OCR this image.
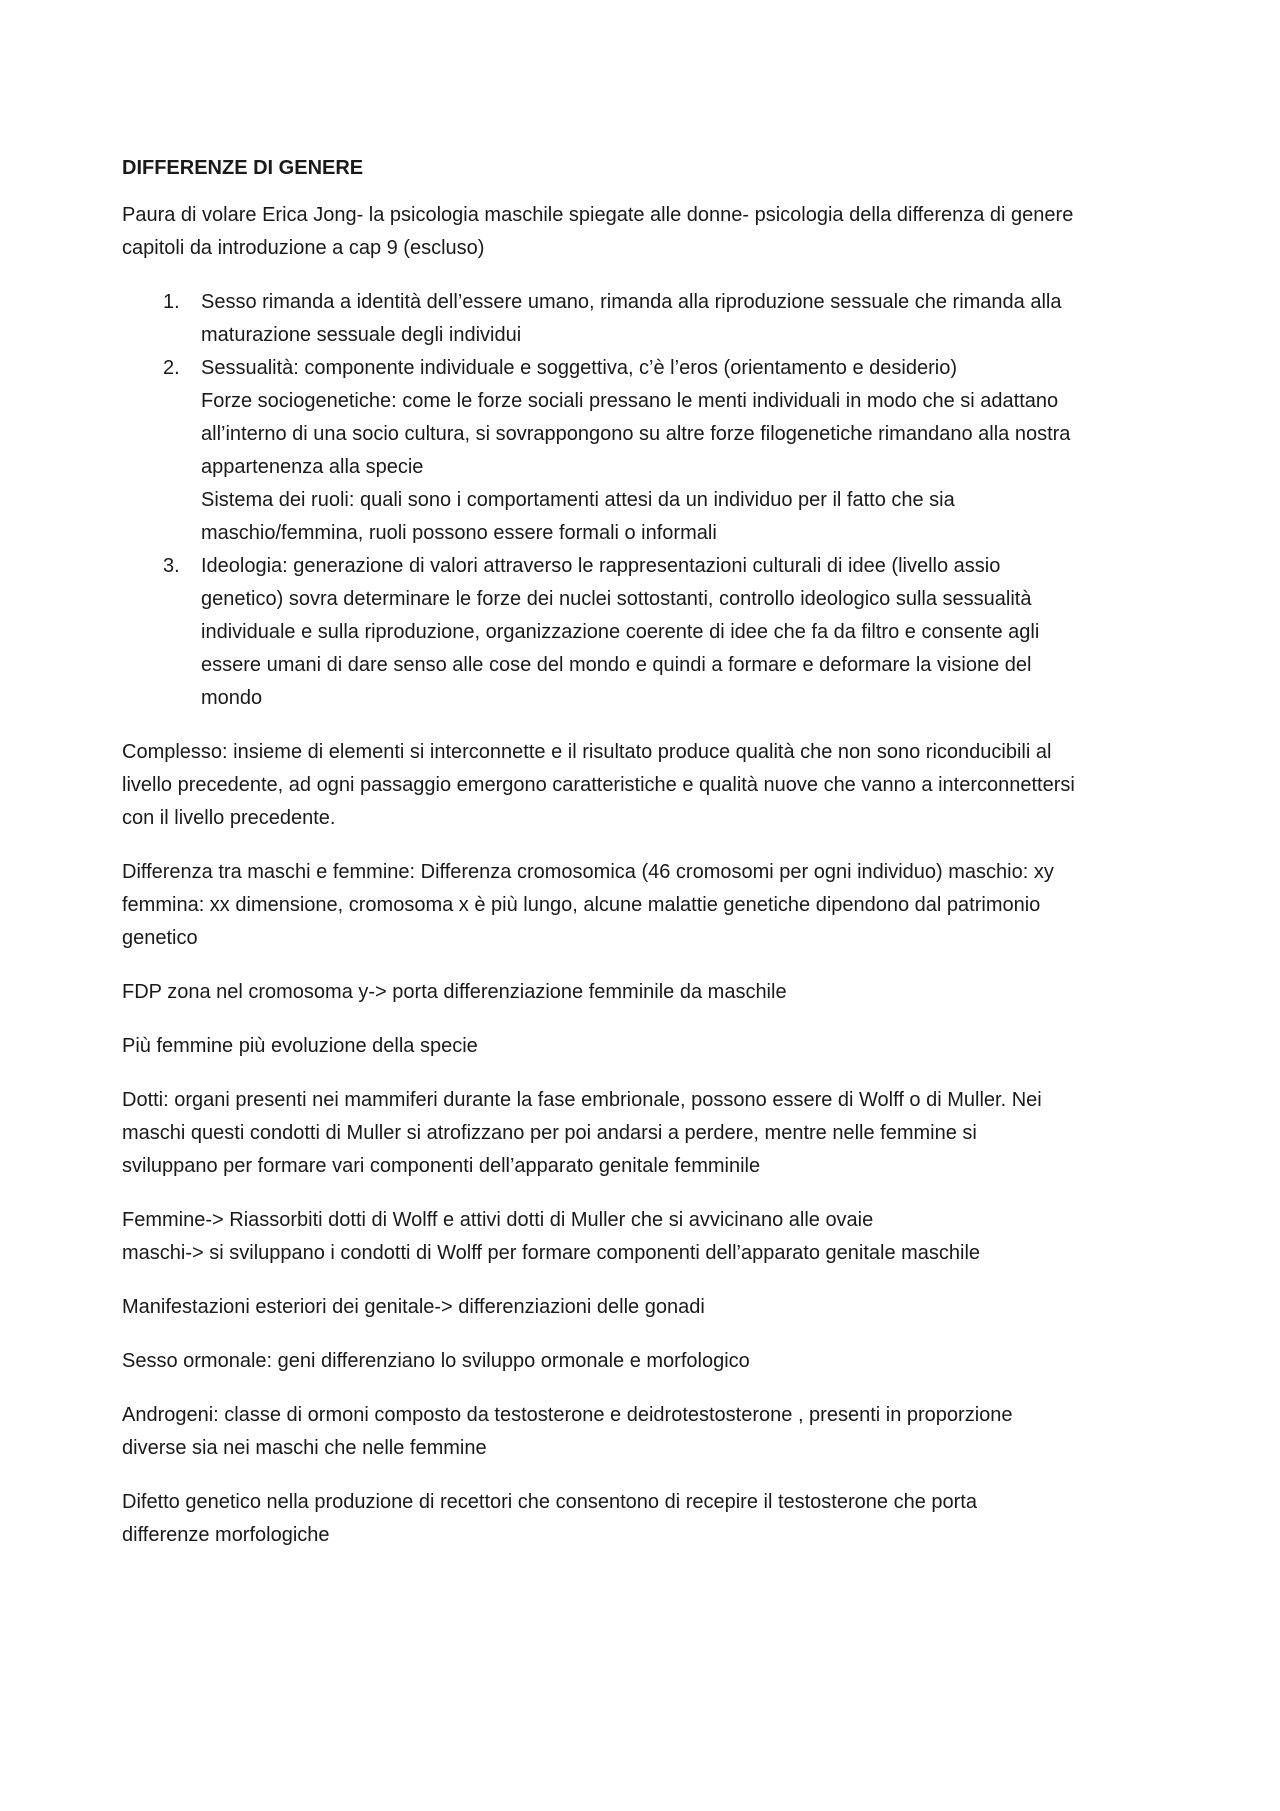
DIFFERENZE DI GENERE
Paura di volare Erica Jong- la psicologia maschile spiegate alle donne- psicologia della differenza di genere
capitoli da introduzione a cap 9 (escluso)
1. Sesso rimanda a identità dell’essere umano, rimanda alla riproduzione sessuale che rimanda alla
maturazione sessuale degli individui
2. Sessualità: componente individuale e soggettiva, c’è l’eros (orientamento e desiderio)
Forze sociogenetiche: come le forze sociali pressano le menti individuali in modo che si adattano
all’interno di una socio cultura, si sovrappongono su altre forze filogenetiche rimandano alla nostra
appartenenza alla specie
Sistema dei ruoli: quali sono i comportamenti attesi da un individuo per il fatto che sia
maschio/femmina, ruoli possono essere formali o informali
3. Ideologia: generazione di valori attraverso le rappresentazioni culturali di idee (livello assio
genetico) sovra determinare le forze dei nuclei sottostanti, controllo ideologico sulla sessualità
individuale e sulla riproduzione, organizzazione coerente di idee che fa da filtro e consente agli
essere umani di dare senso alle cose del mondo e quindi a formare e deformare la visione del
mondo
Complesso: insieme di elementi si interconnette e il risultato produce qualità che non sono riconducibili al
livello precedente, ad ogni passaggio emergono caratteristiche e qualità nuove che vanno a interconnettersi
con il livello precedente.
Differenza tra maschi e femmine: Differenza cromosomica (46 cromosomi per ogni individuo) maschio: xy
femmina: xx dimensione, cromosoma x è più lungo, alcune malattie genetiche dipendono dal patrimonio
genetico
FDP zona nel cromosoma y-> porta differenziazione femminile da maschile
Più femmine più evoluzione della specie
Dotti: organi presenti nei mammiferi durante la fase embrionale, possono essere di Wolff o di Muller. Nei
maschi questi condotti di Muller si atrofizzano per poi andarsi a perdere, mentre nelle femmine si
sviluppano per formare vari componenti dell’apparato genitale femminile
Femmine-> Riassorbiti dotti di Wolff e attivi dotti di Muller che si avvicinano alle ovaie
maschi-> si sviluppano i condotti di Wolff per formare componenti dell’apparato genitale maschile
Manifestazioni esteriori dei genitale-> differenziazioni delle gonadi
Sesso ormonale: geni differenziano lo sviluppo ormonale e morfologico
Androgeni: classe di ormoni composto da testosterone e deidrotestosterone , presenti in proporzione
diverse sia nei maschi che nelle femmine
Difetto genetico nella produzione di recettori che consentono di recepire il testosterone che porta
differenze morfologiche
